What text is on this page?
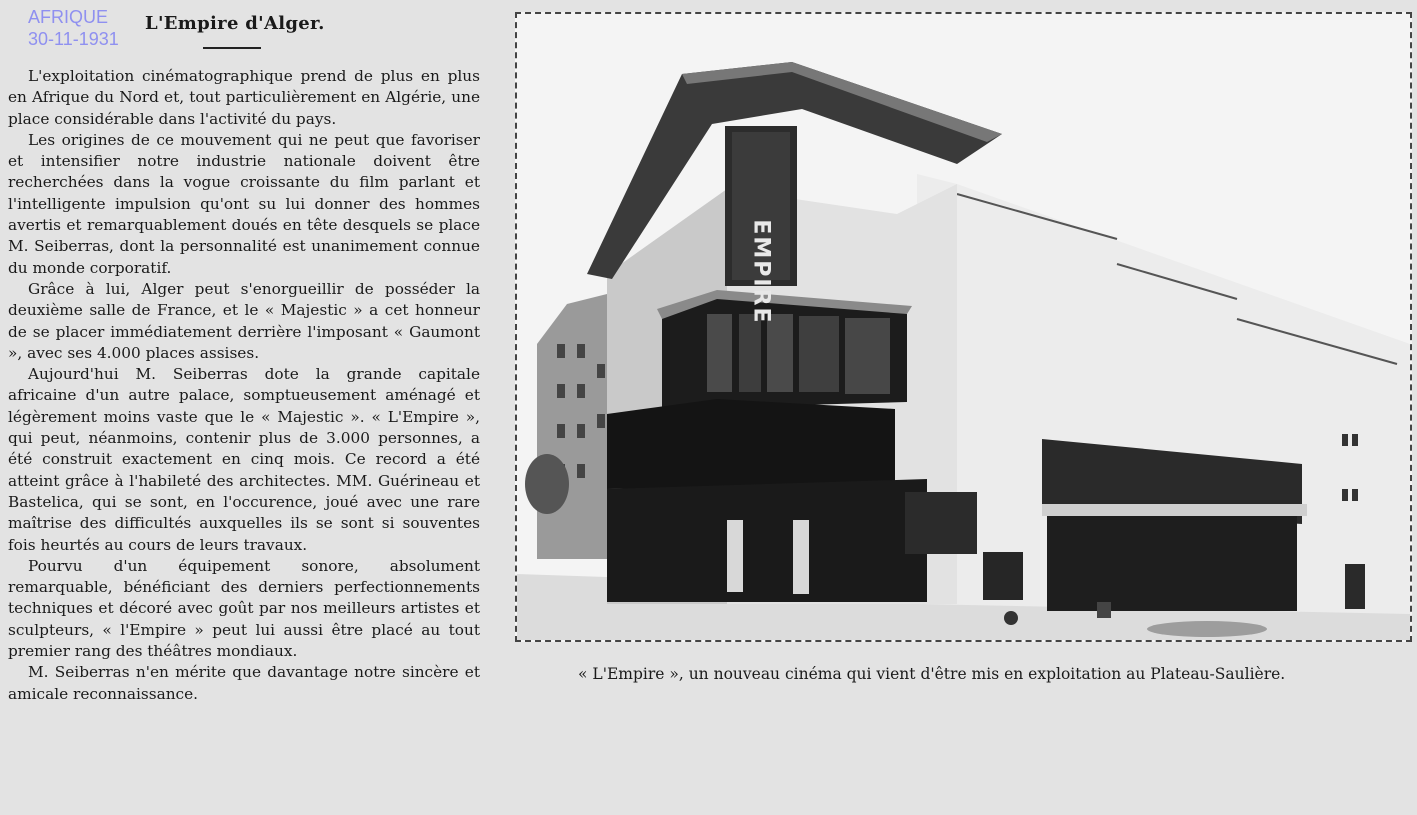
AFRIQUE
30-11-1931
L'Empire d'Alger.

L'exploitation cinématographique prend de plus en plus en Afrique du Nord et, tout particulièrement en Algérie, une place considérable dans l'activité du pays.

Les origines de ce mouvement qui ne peut que favoriser et intensifier notre industrie nationale doivent être recherchées dans la vogue croissante du film parlant et l'intelligente impulsion qu'ont su lui donner des hommes avertis et remarquablement doués en tête desquels se place M. Seiberras, dont la personnalité est unanimement connue du monde corporatif.

Grâce à lui, Alger peut s'enorgueillir de posséder la deuxième salle de France, et le « Majestic » a cet honneur de se placer immédiatement derrière l'imposant « Gaumont », avec ses 4.000 places assises.

Aujourd'hui M. Seiberras dote la grande capitale africaine d'un autre palace, somptueusement aménagé et légèrement moins vaste que le « Majestic ». « L'Empire », qui peut, néanmoins, contenir plus de 3.000 personnes, a été construit exactement en cinq mois. Ce record a été atteint grâce à l'habileté des architectes. MM. Guérineau et Bastelica, qui se sont, en l'occurence, joué avec une rare maîtrise des difficultés auxquelles ils se sont si souventes fois heurtés au cours de leurs travaux.

Pourvu d'un équipement sonore, absolument remarquable, bénéficiant des derniers perfectionnements techniques et décoré avec goût par nos meilleurs artistes et sculpteurs, « l'Empire » peut lui aussi être placé au tout premier rang des théâtres mondiaux.

M. Seiberras n'en mérite que davantage notre sincère et amicale reconnaissance.

EMPIRE
« L'Empire », un nouveau cinéma qui vient d'être mis en exploitation au Plateau-Saulière.
